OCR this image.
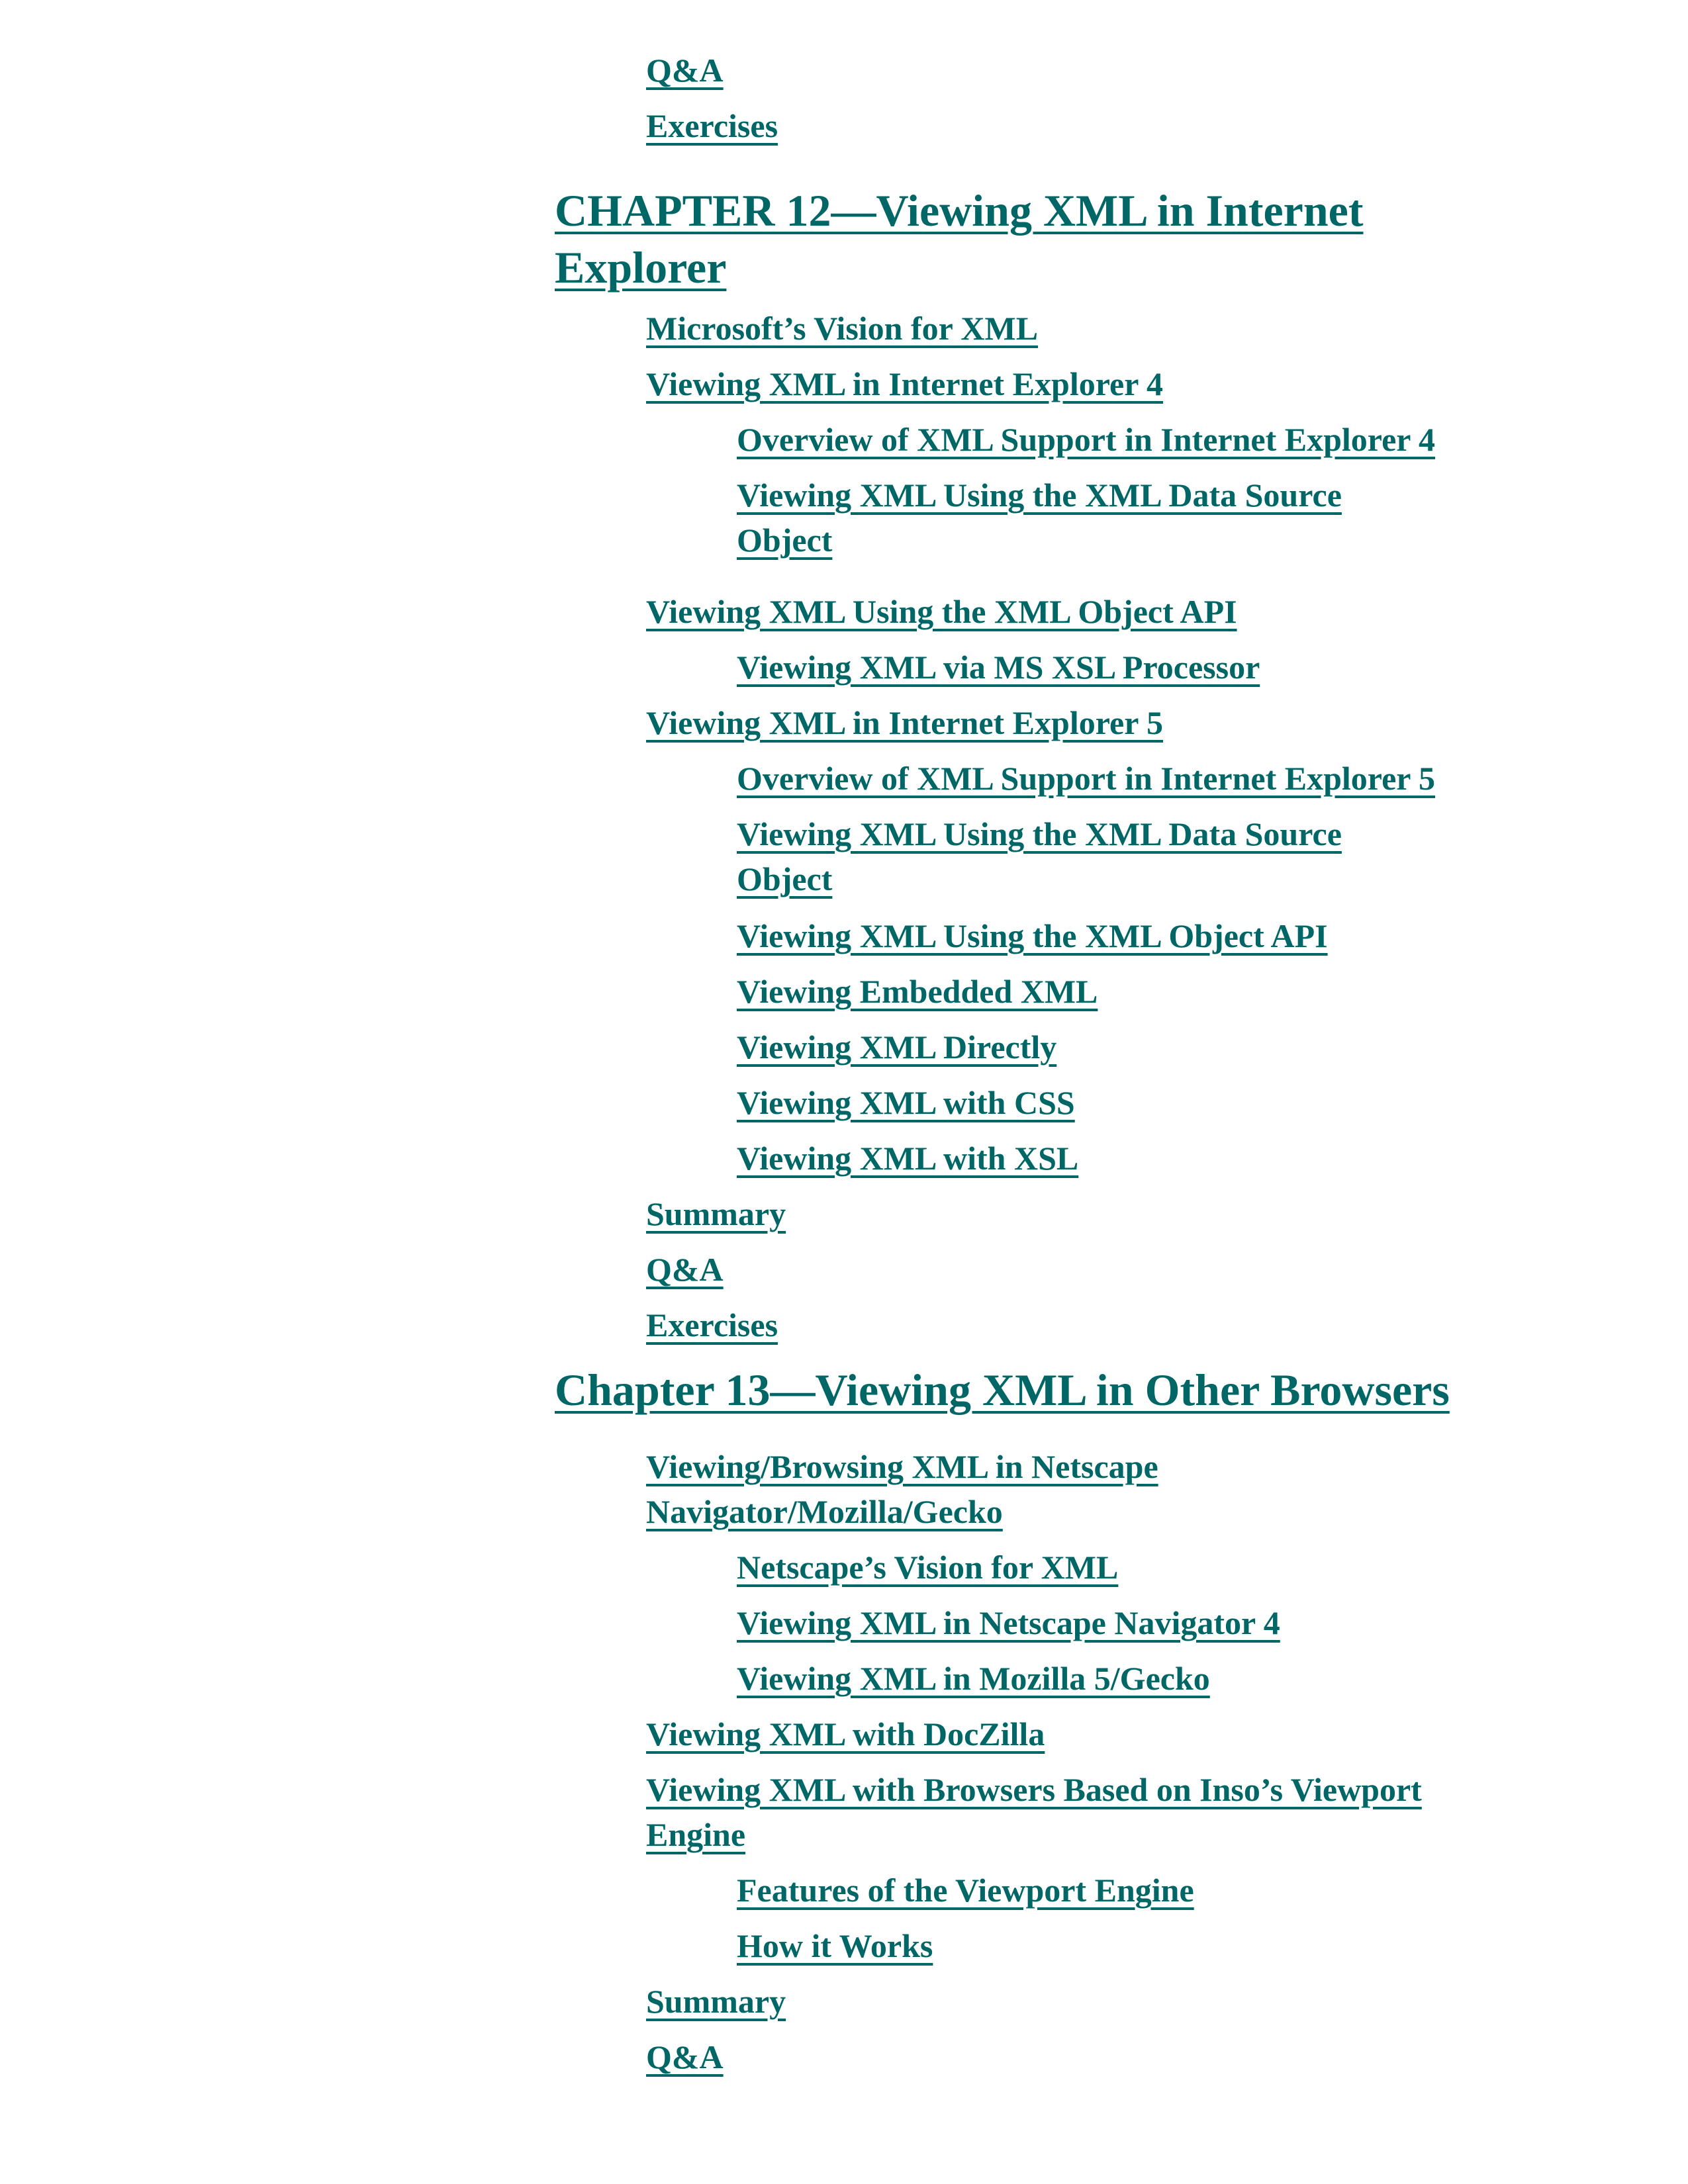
Q&A
Exercises
CHAPTER 12—Viewing XML in Internet
Explorer
Microsoft’s Vision for XML
Viewing XML in Internet Explorer 4
Overview of XML Support in Internet Explorer 4
Viewing XML Using the XML Data Source
Object
Viewing XML Using the XML Object API
Viewing XML via MS XSL Processor
Viewing XML in Internet Explorer 5
Overview of XML Support in Internet Explorer 5
Viewing XML Using the XML Data Source
Object
Viewing XML Using the XML Object API
Viewing Embedded XML
Viewing XML Directly
Viewing XML with CSS
Viewing XML with XSL
Summary
Q&A
Exercises
Chapter 13—Viewing XML in Other Browsers
Viewing/Browsing XML in Netscape
Navigator/Mozilla/Gecko
Netscape’s Vision for XML
Viewing XML in Netscape Navigator 4
Viewing XML in Mozilla 5/Gecko
Viewing XML with DocZilla
Viewing XML with Browsers Based on Inso’s Viewport
Engine
Features of the Viewport Engine
How it Works
Summary
Q&A
